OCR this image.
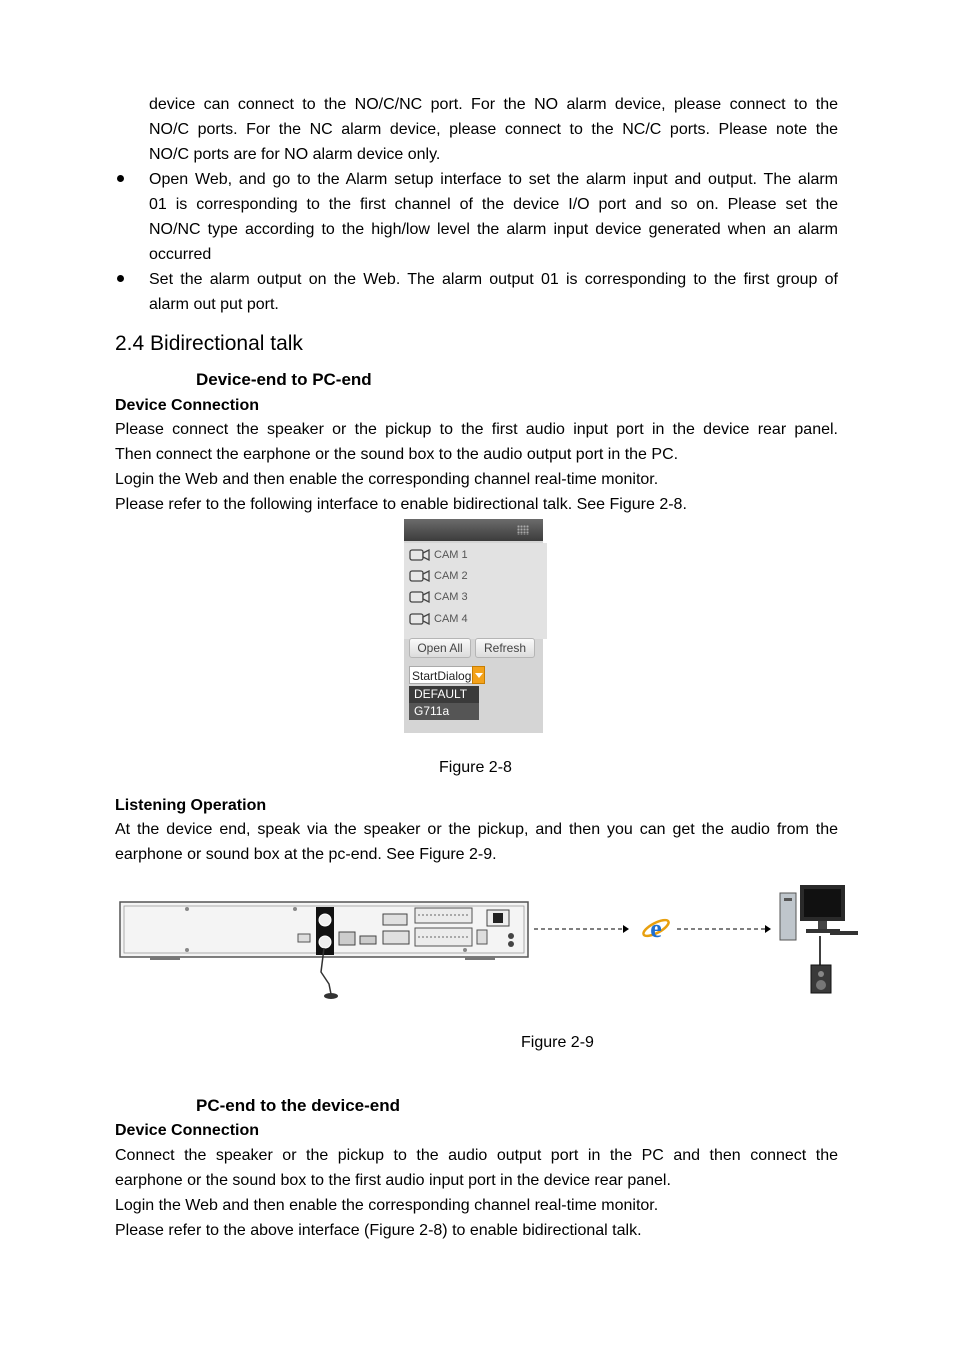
device can connect to the NO/C/NC port. For the NO alarm device, please connect to the
NO/C ports. For the NC alarm device, please connect to the NC/C ports. Please note the
NO/C ports are for NO alarm device only.
Open Web, and go to the Alarm setup interface to set the alarm input and output. The alarm
01 is corresponding to the first channel of the device I/O port and so on. Please set the
NO/NC type according to the high/low level the alarm input device generated when an alarm
occurred
Set the alarm output on the Web. The alarm output 01 is corresponding to the first group of
alarm out put port.
2.4 Bidirectional talk
Device-end to PC-end
Device Connection
Please connect the speaker or the pickup to the first audio input port in the device rear panel.
Then connect the earphone or the sound box to the audio output port in the PC.
Login the Web and then enable the corresponding channel real-time monitor.
Please refer to the following interface to enable bidirectional talk. See Figure 2-8.
CAM 1
CAM 2
CAM 3
CAM 4
Open All	Refresh
StartDialog
DEFAULT
G711a
Figure 2-8
Listening Operation
At the device end, speak via the speaker or the pickup, and then you can get the audio from the
earphone or sound box at the pc-end. See Figure 2-9.
e
Figure 2-9
PC-end to the device-end
Device Connection
Connect the speaker or the pickup to the audio output port in the PC and then connect the
earphone or the sound box to the first audio input port in the device rear panel.
Login the Web and then enable the corresponding channel real-time monitor.
Please refer to the above interface (Figure 2-8) to enable bidirectional talk.
